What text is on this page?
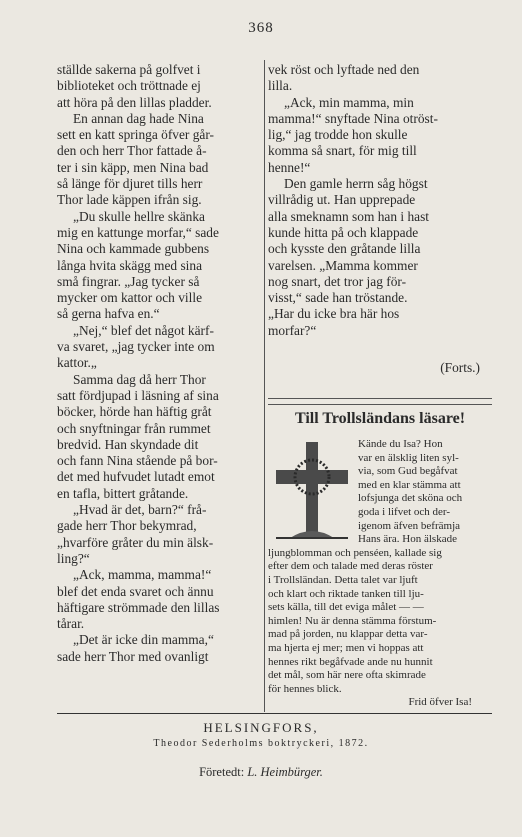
368
ställde sakerna på golfvet i
biblioteket och tröttnade ej
att höra på den lillas pladder.
En annan dag hade Nina
sett en katt springa öfver går-
den och herr Thor fattade å-
ter i sin käpp, men Nina bad
så länge för djuret tills herr
Thor lade käppen ifrån sig.
„Du skulle hellre skänka
mig en kattunge morfar,“ sade
Nina och kammade gubbens
långa hvita skägg med sina
små fingrar. „Jag tycker så
mycker om kattor och ville
så gerna hafva en.“
„Nej,“ blef det något kärf-
va svaret, „jag tycker inte om
kattor.„
Samma dag då herr Thor
satt fördjupad i läsning af sina
böcker, hörde han häftig gråt
och snyftningar från rummet
bredvid. Han skyndade dit
och fann Nina stående på bor-
det med hufvudet lutadt emot
en tafla, bittert gråtande.
„Hvad är det, barn?“ frå-
gade herr Thor bekymrad,
„hvarföre gråter du min älsk-
ling?“
„Ack, mamma, mamma!“
blef det enda svaret och ännu
häftigare strömmade den lillas
tårar.
„Det är icke din mamma,“
sade herr Thor med ovanligt
vek röst och lyftade ned den
lilla.
„Ack, min mamma, min
mamma!“ snyftade Nina otröst-
lig,“ jag trodde hon skulle
komma så snart, för mig till
henne!“
Den gamle herrn såg högst
villrådig ut. Han upprepade
alla smeknamn som han i hast
kunde hitta på och klappade
och kysste den gråtande lilla
varelsen. „Mamma kommer
nog snart, det tror jag för-
visst,“ sade han tröstande.
„Har du icke bra här hos
morfar?“
(Forts.)
Till Trollsländans läsare!
Kände du Isa? Hon
var en älsklig liten syl-
via, som Gud begåfvat
med en klar stämma att
lofsjunga det sköna och
goda i lifvet och der-
igenom äfven befrämja
Hans ära. Hon älskade
ljungblomman och penséen, kallade sig
efter dem och talade med deras röster
i Trollsländan. Detta talet var ljuft
och klart och riktade tanken till lju-
sets källa, till det eviga målet — —
himlen! Nu är denna stämma förstum-
mad på jorden, nu klappar detta var-
ma hjerta ej mer; men vi hoppas att
hennes rikt begåfvade ande nu hunnit
det mål, som här nere ofta skimrade
för hennes blick.
Frid öfver Isa!
HELSINGFORS,
Theodor Sederholms boktryckeri, 1872.
Företedt: L. Heimbürger.
